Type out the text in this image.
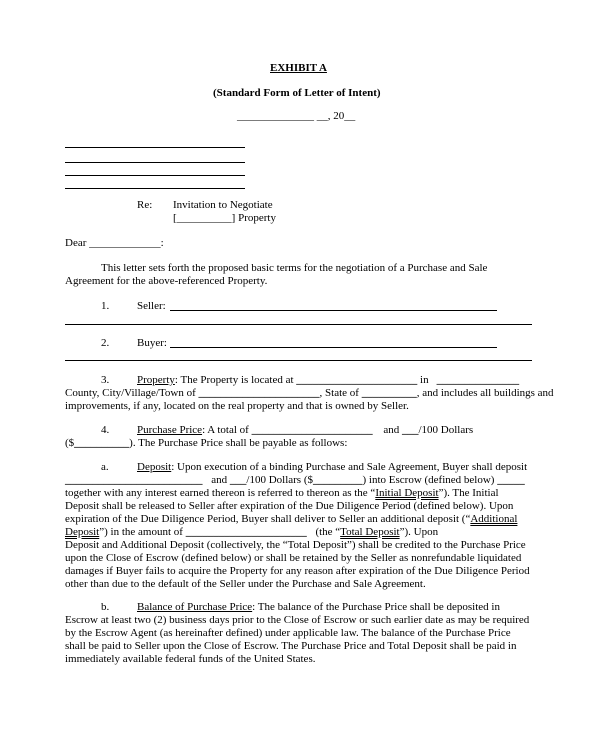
EXHIBIT A
(Standard Form of Letter of Intent)
______________ __, 20__
Re: Invitation to Negotiate
[__________] Property
Dear _____________:
This letter sets forth the proposed basic terms for the negotiation of a Purchase and Sale
Agreement for the above-referenced Property.
1.	Seller:
2.	Buyer:
3.	Property: The Property is located at ______________________ in _______________
County, City/Village/Town of ______________________, State of __________, and includes all buildings and
improvements, if any, located on the real property and that is owned by Seller.
4.	Purchase Price: A total of ______________________ and ___/100 Dollars
($__________). The Purchase Price shall be payable as follows:
a.	Deposit: Upon execution of a binding Purchase and Sale Agreement, Buyer shall deposit
_________________________ and ___/100 Dollars ($_________) into Escrow (defined below) _____
together with any interest earned thereon is referred to thereon as the “Initial Deposit”). The Initial
Deposit shall be released to Seller after expiration of the Due Diligence Period (defined below). Upon
expiration of the Due Diligence Period, Buyer shall deliver to Seller an additional deposit (“Additional
Deposit”) in the amount of ______________________ (the “Total Deposit”). Upon
Deposit and Additional Deposit (collectively, the “Total Deposit”) shall be credited to the Purchase Price
upon the Close of Escrow (defined below) or shall be retained by the Seller as nonrefundable liquidated
damages if Buyer fails to acquire the Property for any reason after expiration of the Due Diligence Period
other than due to the default of the Seller under the Purchase and Sale Agreement.
b.	Balance of Purchase Price: The balance of the Purchase Price shall be deposited in
Escrow at least two (2) business days prior to the Close of Escrow or such earlier date as may be required
by the Escrow Agent (as hereinafter defined) under applicable law. The balance of the Purchase Price
shall be paid to Seller upon the Close of Escrow. The Purchase Price and Total Deposit shall be paid in
immediately available federal funds of the United States.
